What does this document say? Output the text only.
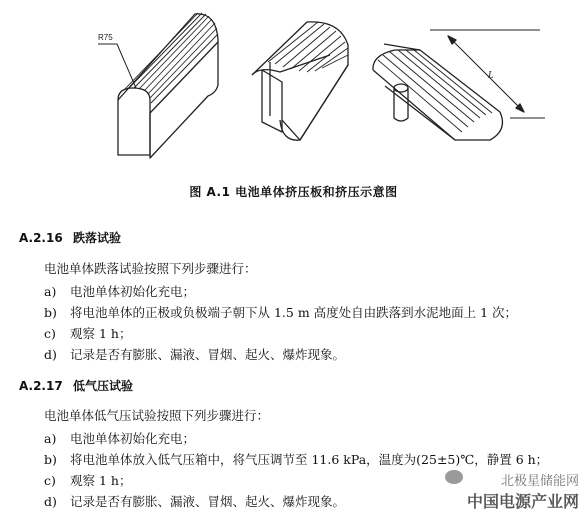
R75
L
图 A.1 电池单体挤压板和挤压示意图
A.2.16 跌落试验
电池单体跌落试验按照下列步骤进行：
a) 电池单体初始化充电；
b) 将电池单体的正极或负极端子朝下从 1.5 m 高度处自由跌落到水泥地面上 1 次；
c) 观察 1 h；
d) 记录是否有膨胀、漏液、冒烟、起火、爆炸现象。
A.2.17 低气压试验
电池单体低气压试验按照下列步骤进行：
a) 电池单体初始化充电；
b) 将电池单体放入低气压箱中，将气压调节至 11.6 kPa，温度为(25±5)℃，静置 6 h；
c) 观察 1 h；
d) 记录是否有膨胀、漏液、冒烟、起火、爆炸现象。
北极星储能网
中国电源产业网
